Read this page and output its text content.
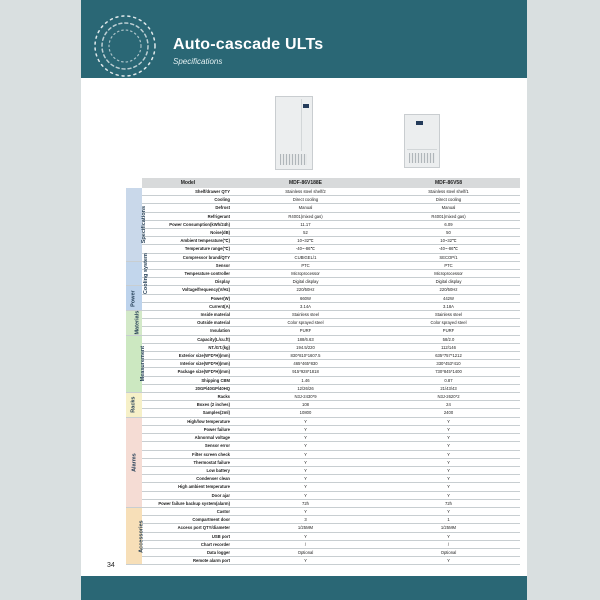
Auto-cascade ULTs
Specifications
	Model	MDF-86V188E	MDF-86V58
Specifications	Shelf/drawer QTY	Stainless steel shelf/2	Stainless steel shelf/1
	Cooling	Direct cooling	Direct cooling
	Defrost	Manual	Manual
	Refrigerant	R4001(mixed gas)	R4001(mixed gas)
	Power Consumption(kWh/24h)	11.17	6.09
	Noise(dB)	52	50
	Ambient temperature(℃)	10~32℃	10~32℃
	Temperature range(℃)	-40~-86℃	-40~-86℃
	Compressor brand/QTY	CUBIGEL/1	SECOP/1
Cooling system	Sensor	PTC	PTC
	Temperature controller	Microprocessor	Microprocessor
	Display	Digital display	Digital display
Power	Voltage/frequency(V/Hz)	220/50Hz	220/50Hz
	Power(W)	660W	442W
	Current(A)	3.14A	3.18A
Materials	Inside material	Stainless steel	Stainless steel
	Outside material	Color sprayed steel	Color sprayed steel
	Insulation	PURF	PURF
Measurement	Capacity(L/cu.ft)	188/6.63	58/2.0
	NT./GT.(kg)	194.5/220	112/146
	Exterior size(W*D*H)(mm)	830*810*1607.5	635*757*1212
	Interior size(W*D*H)(mm)	465*465*830	330*453*410
	Package size(W*D*H)(mm)	915*928*1818	730*845*1400
	Shipping CBM	1.46	0.87
	20GP/40GP/40HQ	12/26/26	21/43/43
Racks	Racks	N3J-2430*9	N3J-2620*2
	Boxes (2 inches)	108	24
	Samples(2ml)	10800	2400
Alarms	High/low temperature	Y	Y
	Power failure	Y	Y
	Abnormal voltage	Y	Y
	Sensor error	Y	Y
	Filter screen check	Y	Y
	Thermostat failure	Y	Y
	Low battery	Y	Y
	Condenser clean	Y	Y
	High ambient temperature	Y	Y
	Door ajar	Y	Y
	Power failure backup system(alarm)	72h	72h
Accessories	Castor	Y	Y
	Compartment door	3	1
	Access port QTY/diameter	1/25MM	1/25MM
	USB port	Y	Y
	Chart recorder	/	/
	Data logger	Optional	Optional
	Remote alarm port	Y	Y
34
